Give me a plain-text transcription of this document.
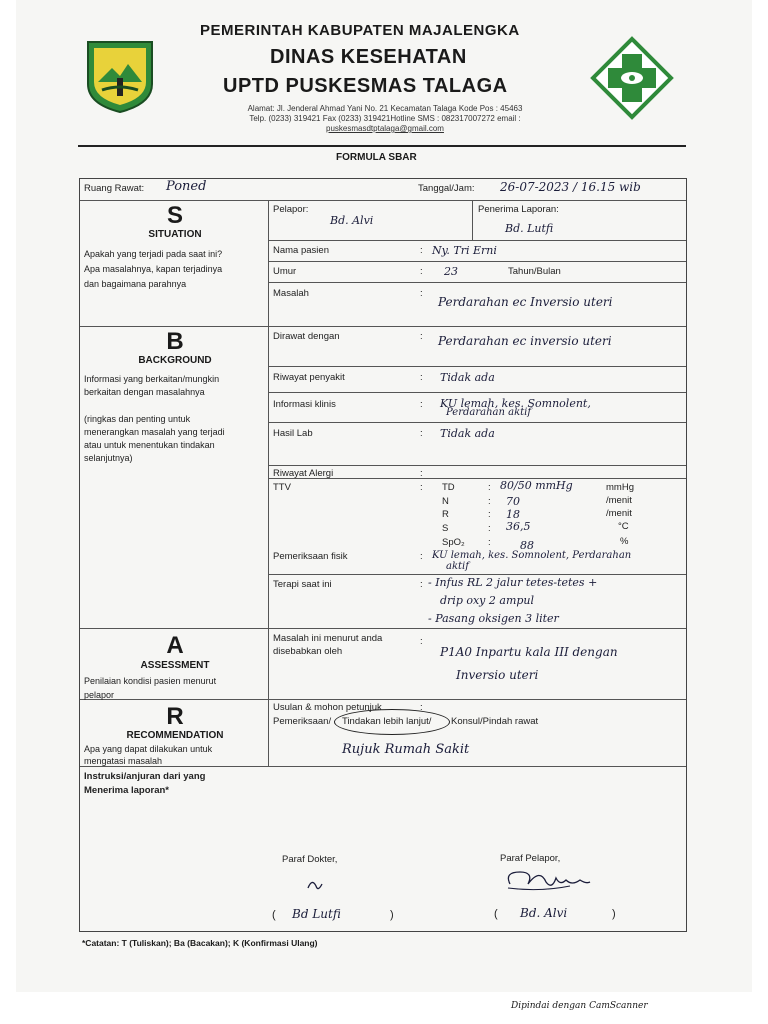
PEMERINTAH KABUPATEN MAJALENGKA
DINAS KESEHATAN
UPTD PUSKESMAS TALAGA
Alamat: Jl. Jenderal Ahmad Yani No. 21 Kecamatan Talaga Kode Pos : 45463
Telp. (0233) 319421 Fax (0233) 319421Hotline SMS : 082317007272 email :
puskesmasdtptalaga@gmail.com
FORMULA SBAR
Ruang Rawat: Poned	Tanggal/Jam: 26-07-2023 / 16.15 wib
S
SITUATION
Apakah yang terjadi pada saat ini?
Apa masalahnya, kapan terjadinya
dan bagaimana parahnya
Pelapor:
Bd. Alvi
Penerima Laporan:
Bd. Lutfi
Nama pasien	: Ny. Tri Erni
Umur	: 23	Tahun/Bulan
Masalah	:
Perdarahan ec Inversio uteri
B
BACKGROUND
Informasi yang berkaitan/mungkin
berkaitan dengan masalahnya
(ringkas dan penting untuk
menerangkan masalah yang terjadi
atau untuk menentukan tindakan
selanjutnya)
Dirawat dengan	: Perdarahan ec inversio uteri
Riwayat penyakit	: Tidak ada
Informasi klinis	: KU lemah, kes. Somnolent,
Perdarahan aktif
Hasil Lab	: Tidak ada
Riwayat Alergi	:
TTV	: TD	: 80/50 mmHg	mmHg
N	: 70	/menit
R	: 18	/menit
S	: 36,5	°C
SpO₂ :	88	%
Pemeriksaan fisik	: KU lemah, kes. Somnolent, Perdarahan
aktif
Terapi saat ini	: - Infus RL 2 jalur tetes-tetes +
drip oxy 2 ampul
- Pasang oksigen 3 liter
A
ASSESSMENT
Penilaian kondisi pasien menurut
pelapor
Masalah ini menurut anda
disebabkan oleh
:
P1A0 Inpartu kala III dengan
Inversio uteri
R
RECOMMENDATION
Apa yang dapat dilakukan untuk
mengatasi masalah
Usulan & mohon petunjuk	:
Pemeriksaan/ Tindakan lebih lanjut/ Konsul/Pindah rawat
Rujuk Rumah Sakit
Instruksi/anjuran dari yang
Menerima laporan*
Paraf Dokter,
( Bd Lutfi	)
Paraf Pelapor,
( Bd. Alvi	)
*Catatan: T (Tuliskan); Ba (Bacakan); K (Konfirmasi Ulang)
Dipindai dengan CamScanner
